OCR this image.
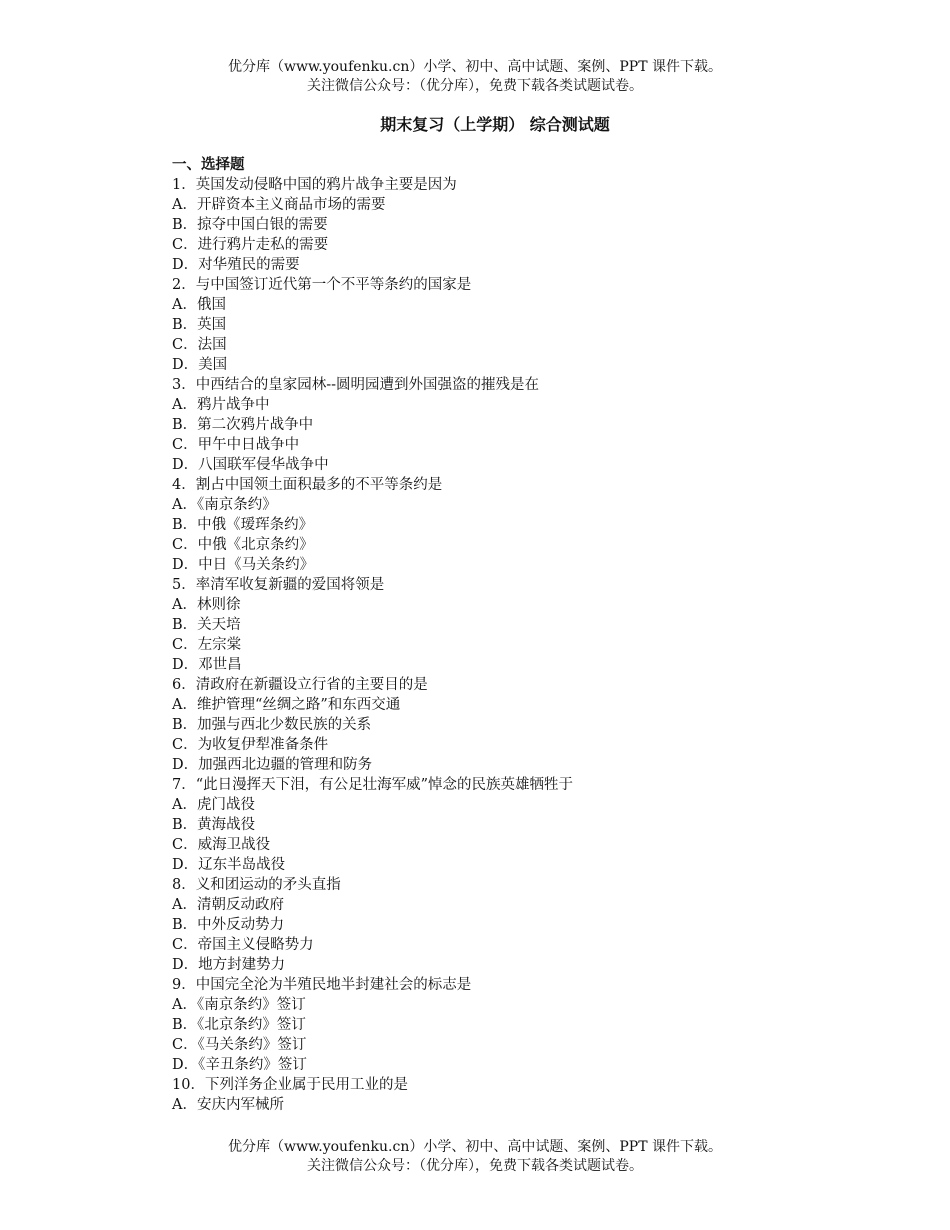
优分库（www.youfenku.cn）小学、初中、高中试题、案例、PPT 课件下载。
关注微信公众号：（优分库），免费下载各类试题试卷。
期末复习（上学期） 综合测试题
一、选择题
1．英国发动侵略中国的鸦片战争主要是因为
A．开辟资本主义商品市场的需要
B．掠夺中国白银的需要
C．进行鸦片走私的需要
D．对华殖民的需要
2．与中国签订近代第一个不平等条约的国家是
A．俄国
B．英国
C．法国
D．美国
3．中西结合的皇家园林--圆明园遭到外国强盗的摧残是在
A．鸦片战争中
B．第二次鸦片战争中
C．甲午中日战争中
D．八国联军侵华战争中
4．割占中国领土面积最多的不平等条约是
A．《南京条约》
B．中俄《瑷珲条约》
C．中俄《北京条约》
D．中日《马关条约》
5．率清军收复新疆的爱国将领是
A．林则徐
B．关天培
C．左宗棠
D．邓世昌
6．清政府在新疆设立行省的主要目的是
A．维护管理“丝绸之路”和东西交通
B．加强与西北少数民族的关系
C．为收复伊犁准备条件
D．加强西北边疆的管理和防务
7．“此日漫挥天下泪，有公足壮海军威”悼念的民族英雄牺牲于
A．虎门战役
B．黄海战役
C．威海卫战役
D．辽东半岛战役
8．义和团运动的矛头直指
A．清朝反动政府
B．中外反动势力
C．帝国主义侵略势力
D．地方封建势力
9．中国完全沦为半殖民地半封建社会的标志是
A．《南京条约》签订
B．《北京条约》签订
C．《马关条约》签订
D．《辛丑条约》签订
10．下列洋务企业属于民用工业的是
A．安庆内军械所
优分库（www.youfenku.cn）小学、初中、高中试题、案例、PPT 课件下载。
关注微信公众号：（优分库），免费下载各类试题试卷。
